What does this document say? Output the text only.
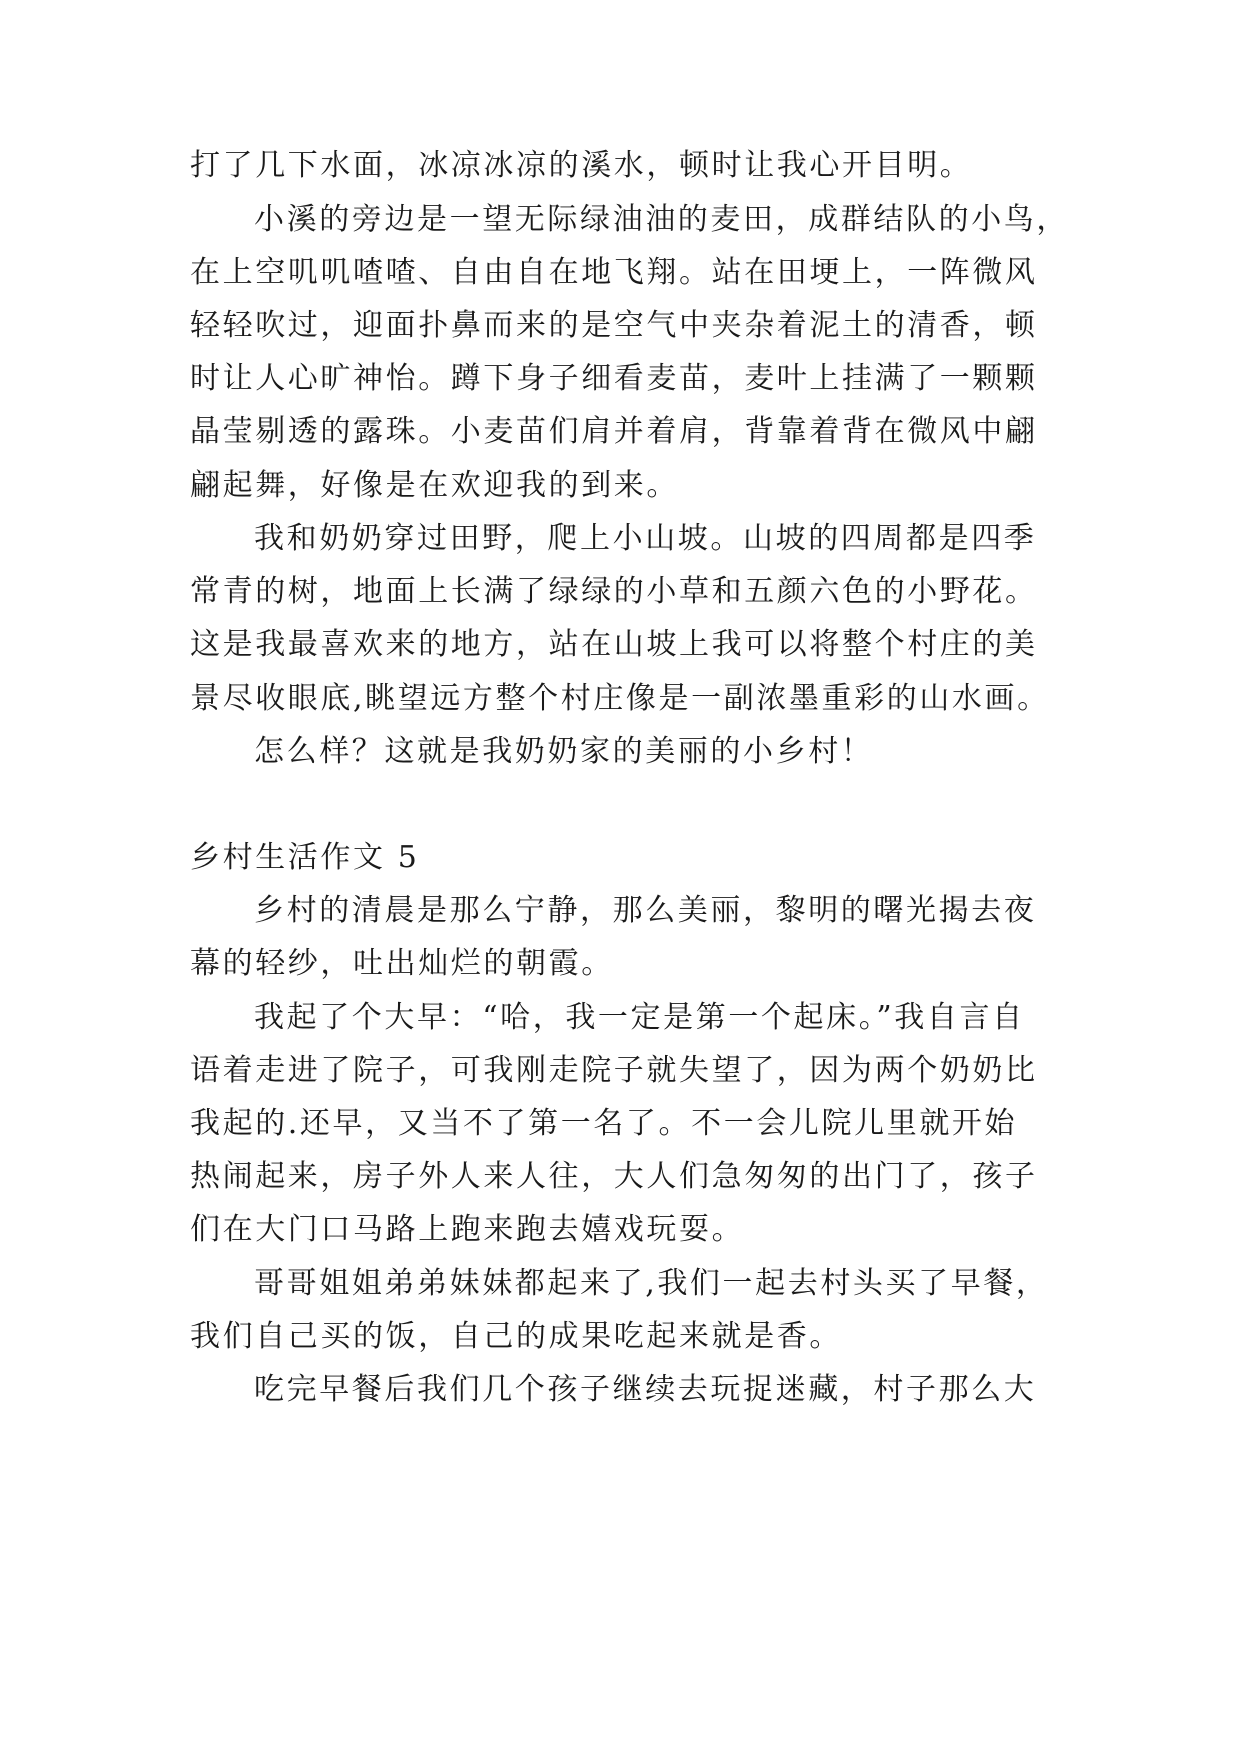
打了几下水面，冰凉冰凉的溪水，顿时让我心开目明。
小溪的旁边是一望无际绿油油的麦田，成群结队的小鸟，
在上空叽叽喳喳、自由自在地飞翔。站在田埂上，一阵微风
轻轻吹过，迎面扑鼻而来的是空气中夹杂着泥土的清香，顿
时让人心旷神怡。蹲下身子细看麦苗，麦叶上挂满了一颗颗
晶莹剔透的露珠。小麦苗们肩并着肩，背靠着背在微风中翩
翩起舞，好像是在欢迎我的到来。
我和奶奶穿过田野，爬上小山坡。山坡的四周都是四季
常青的树，地面上长满了绿绿的小草和五颜六色的小野花。
这是我最喜欢来的地方，站在山坡上我可以将整个村庄的美
景尽收眼底,眺望远方整个村庄像是一副浓墨重彩的山水画。
怎么样？这就是我奶奶家的美丽的小乡村！
乡村生活作文 5
乡村的清晨是那么宁静，那么美丽，黎明的曙光揭去夜
幕的轻纱，吐出灿烂的朝霞。
我起了个大早：“哈，我一定是第一个起床。”我自言自
语着走进了院子，可我刚走院子就失望了，因为两个奶奶比
我起的.还早，又当不了第一名了。不一会儿院儿里就开始
热闹起来，房子外人来人往，大人们急匆匆的出门了，孩子
们在大门口马路上跑来跑去嬉戏玩耍。
哥哥姐姐弟弟妹妹都起来了,我们一起去村头买了早餐，
我们自己买的饭，自己的成果吃起来就是香。
吃完早餐后我们几个孩子继续去玩捉迷藏，村子那么大
